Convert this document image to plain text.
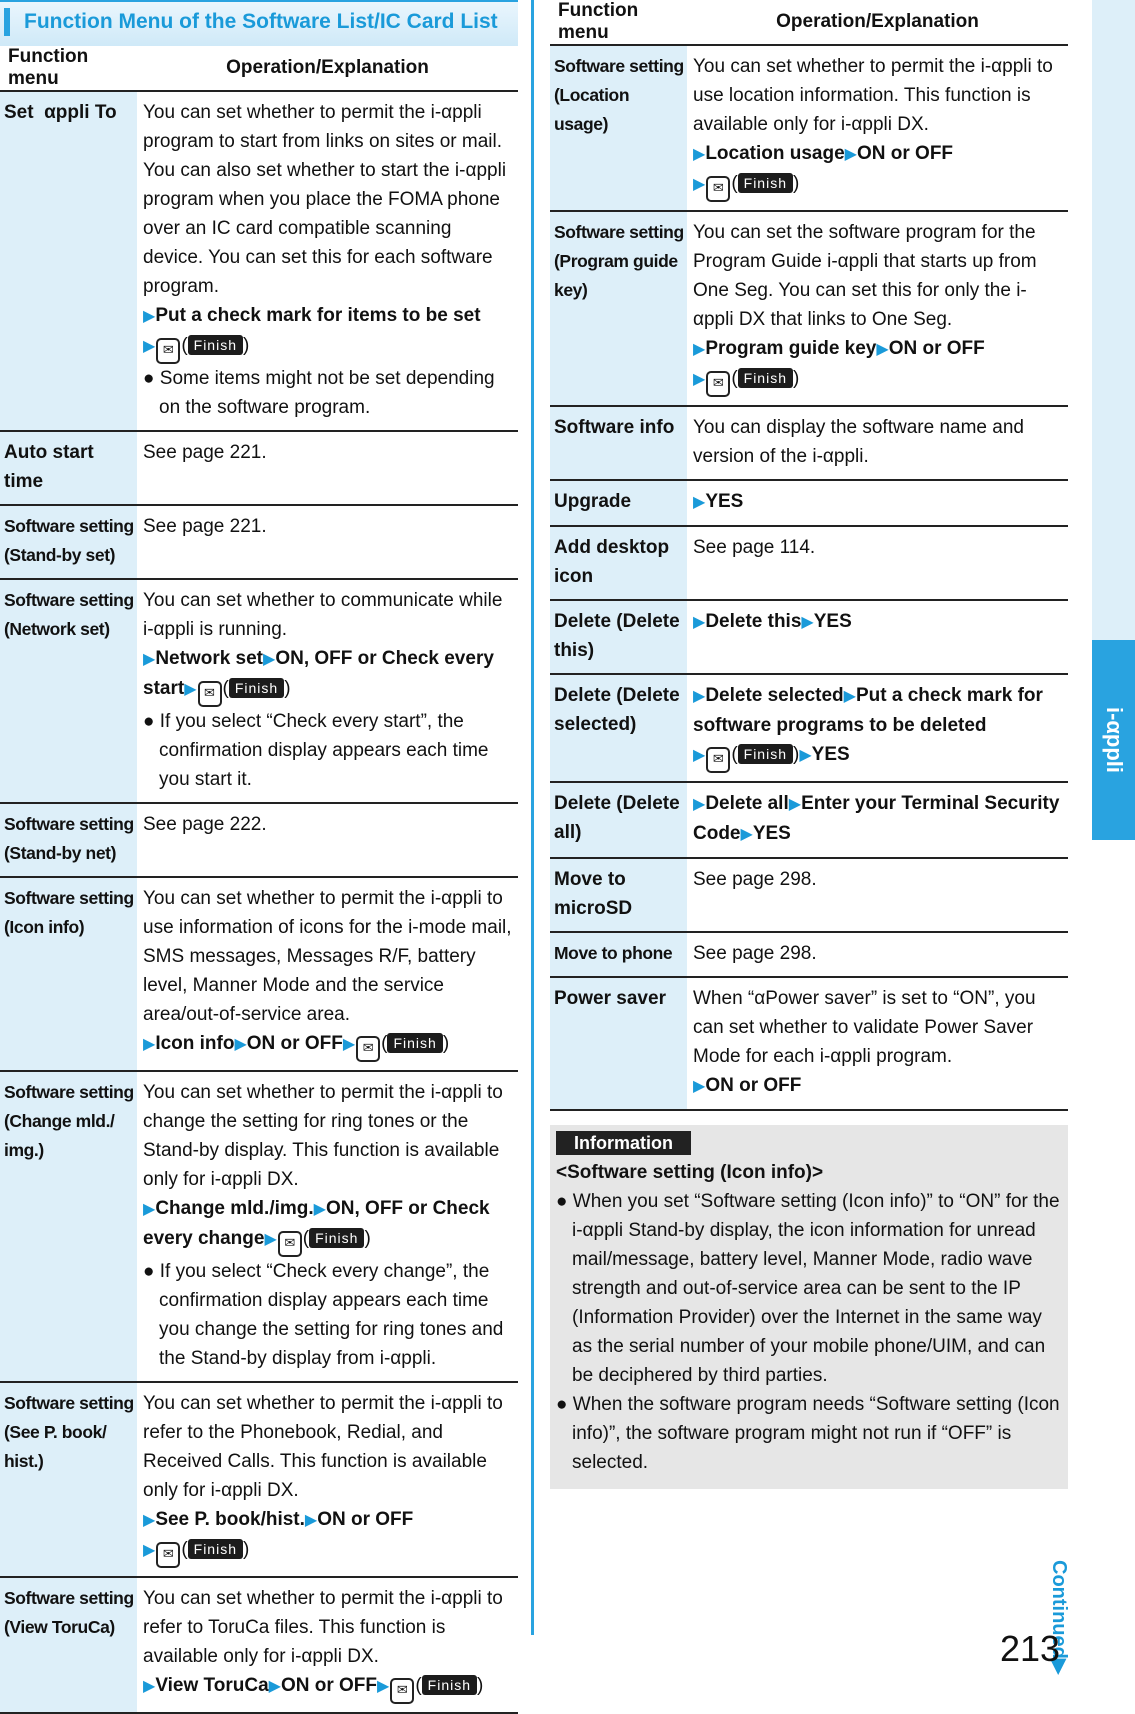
i-αppli
Function Menu of the Software List/IC Card List
Function menu	Operation/Explanation
Set  αppli To	You can set whether to permit the i-αppli program to start from links on sites or mail. You can also set whether to start the i-αppli program when you place the FOMA phone over an IC card compatible scanning device. You can set this for each software program.
▶Put a check mark for items to be set
▶ ✉ ( Finish )
● Some items might not be set depending on the software program.

Auto start time	See page 221.
Software setting (Stand-by set)	See page 221.
Software setting (Network set)	You can set whether to communicate while i-αppli is running.
▶Network set▶ON, OFF or Check every start▶ ✉ ( Finish )
● If you select “Check every start”, the confirmation display appears each time you start it.

Software setting (Stand-by net)	See page 222.
Software setting (Icon info)	You can set whether to permit the i-αppli to use information of icons for the i-mode mail, SMS messages, Messages R/F, battery level, Manner Mode and the service area/out-of-service area.
▶Icon info▶ON or OFF▶ ✉ ( Finish )
Software setting (Change mld./ img.)	You can set whether to permit the i-αppli to change the setting for ring tones or the Stand-by display. This function is available only for i-αppli DX.
▶Change mld./img.▶ON, OFF or Check every change▶ ✉ ( Finish )
● If you select “Check every change”, the confirmation display appears each time you change the setting for ring tones and the Stand-by display from i-αppli.

Software setting (See P. book/ hist.)	You can set whether to permit the i-αppli to refer to the Phonebook, Redial, and Received Calls. This function is available only for i-αppli DX.
▶See P. book/hist.▶ON or OFF
▶ ✉ ( Finish )
Software setting (View ToruCa)	You can set whether to permit the i-αppli to refer to ToruCa files. This function is available only for i-αppli DX.
▶View ToruCa▶ON or OFF▶ ✉ ( Finish )
Function menu	Operation/Explanation
Software setting (Location usage)	You can set whether to permit the i-αppli to use location information. This function is available only for i-αppli DX.
▶Location usage▶ON or OFF
▶ ✉ ( Finish )
Software setting (Program guide key)	You can set the software program for the Program Guide i-αppli that starts up from One Seg. You can set this for only the i-αppli DX that links to One Seg.
▶Program guide key▶ON or OFF
▶ ✉ ( Finish )
Software info	You can display the software name and version of the i-αppli.
Upgrade	▶YES
Add desktop icon	See page 114.
Delete (Delete this)	▶Delete this▶YES
Delete (Delete selected)	▶Delete selected▶Put a check mark for software programs to be deleted
▶ ✉ ( Finish )▶YES
Delete (Delete all)	▶Delete all▶Enter your Terminal Security Code▶YES
Move to microSD	See page 298.
Move to phone	See page 298.
Power saver	When “αPower saver” is set to “ON”, you can set whether to validate Power Saver Mode for each i-αppli program.
▶ON or OFF
Information
<Software setting (Icon info)>
● When you set “Software setting (Icon info)” to “ON” for the i-αppli Stand-by display, the icon information for unread mail/message, battery level, Manner Mode, radio wave strength and out-of-service area can be sent to the IP (Information Provider) over the Internet in the same way as the serial number of your mobile phone/UIM, and can be deciphered by third parties.
● When the software program needs “Software setting (Icon info)”, the software program might not run if “OFF” is selected.
Continued▶
213
